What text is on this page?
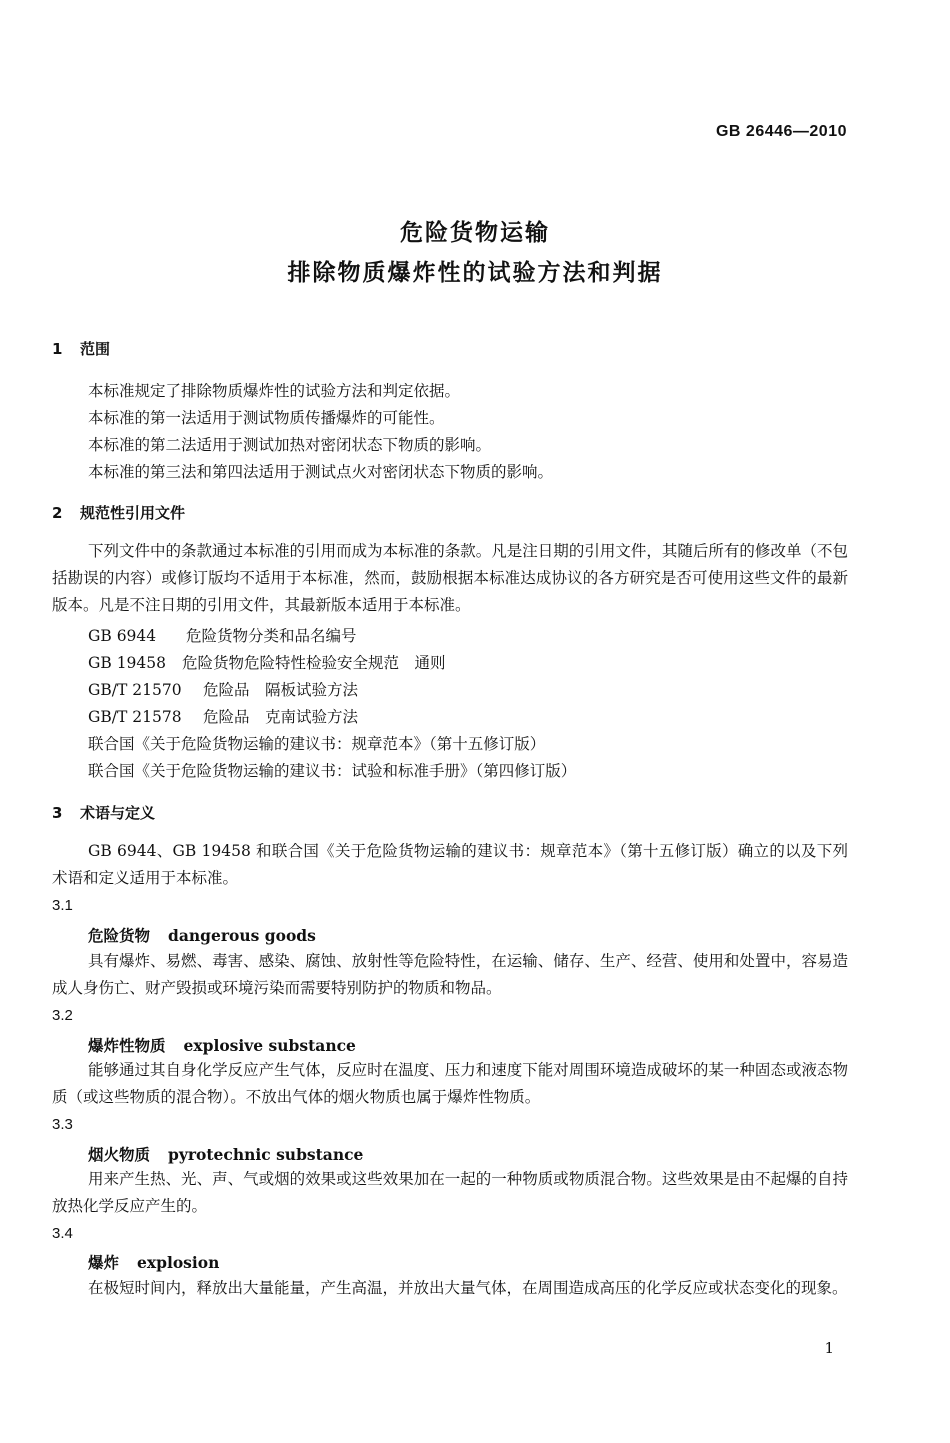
GB 26446—2010
危险货物运输
排除物质爆炸性的试验方法和判据
1 范围
本标准规定了排除物质爆炸性的试验方法和判定依据。
本标准的第一法适用于测试物质传播爆炸的可能性。
本标准的第二法适用于测试加热对密闭状态下物质的影响。
本标准的第三法和第四法适用于测试点火对密闭状态下物质的影响。
2 规范性引用文件
下列文件中的条款通过本标准的引用而成为本标准的条款。凡是注日期的引用文件，其随后所有的修改单（不包括勘误的内容）或修订版均不适用于本标准，然而，鼓励根据本标准达成协议的各方研究是否可使用这些文件的最新版本。凡是不注日期的引用文件，其最新版本适用于本标准。
GB 6944 危险货物分类和品名编号
GB 19458 危险货物危险特性检验安全规范　通则
GB/T 21570 危险品　隔板试验方法
GB/T 21578 危险品　克南试验方法
联合国《关于危险货物运输的建议书：规章范本》（第十五修订版）
联合国《关于危险货物运输的建议书：试验和标准手册》（第四修订版）
3 术语与定义
GB 6944、GB 19458 和联合国《关于危险货物运输的建议书：规章范本》（第十五修订版）确立的以及下列术语和定义适用于本标准。
3.1
危险货物 dangerous goods
具有爆炸、易燃、毒害、感染、腐蚀、放射性等危险特性，在运输、储存、生产、经营、使用和处置中，容易造成人身伤亡、财产毁损或环境污染而需要特别防护的物质和物品。
3.2
爆炸性物质 explosive substance
能够通过其自身化学反应产生气体，反应时在温度、压力和速度下能对周围环境造成破坏的某一种固态或液态物质（或这些物质的混合物）。不放出气体的烟火物质也属于爆炸性物质。
3.3
烟火物质 pyrotechnic substance
用来产生热、光、声、气或烟的效果或这些效果加在一起的一种物质或物质混合物。这些效果是由不起爆的自持放热化学反应产生的。
3.4
爆炸 explosion
在极短时间内，释放出大量能量，产生高温，并放出大量气体，在周围造成高压的化学反应或状态变化的现象。
1
